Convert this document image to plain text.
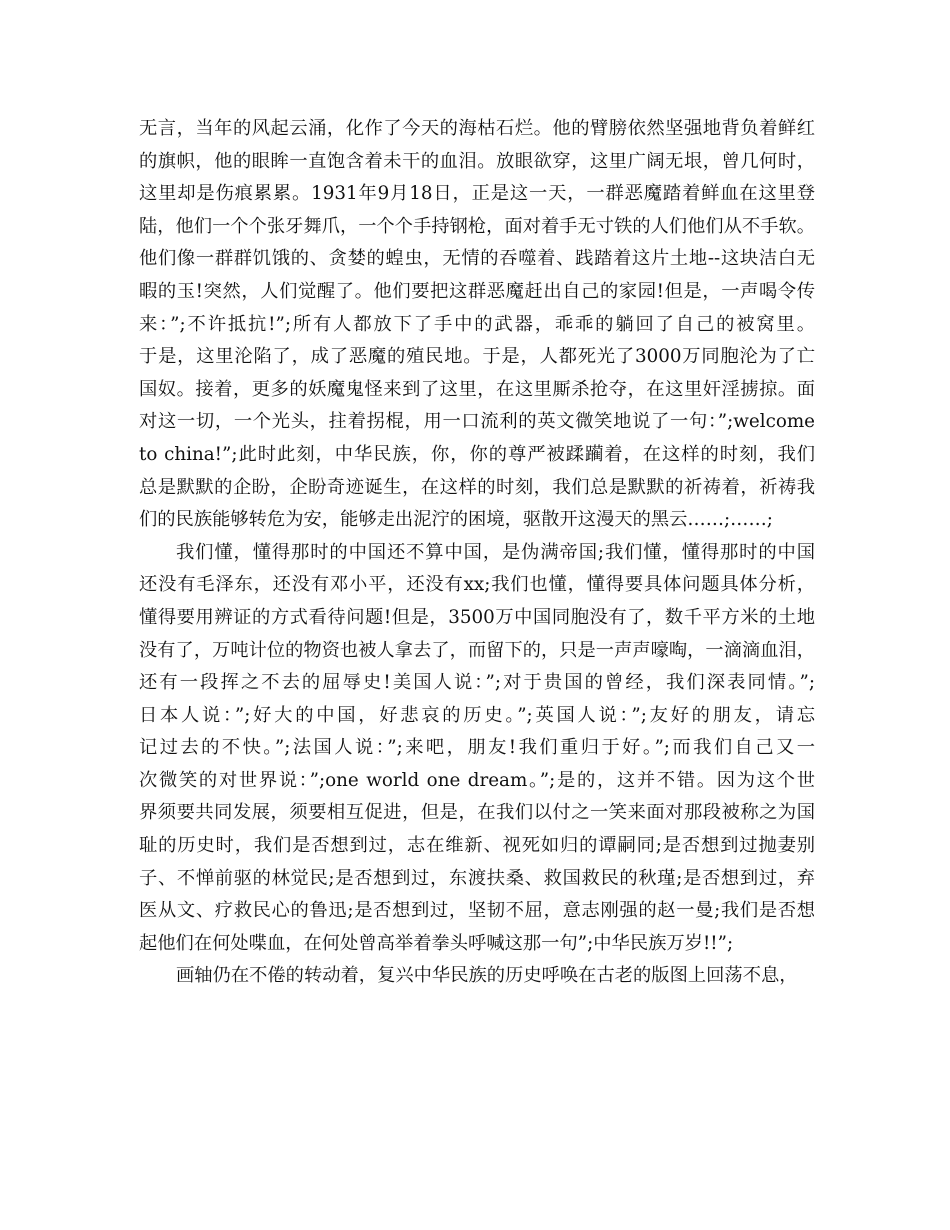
无言，当年的风起云涌，化作了今天的海枯石烂。他的臂膀依然坚强地背负着鲜红
的旗帜，他的眼眸一直饱含着未干的血泪。放眼欲穿，这里广阔无垠，曾几何时，
这里却是伤痕累累。1931年9月18日，正是这一天，一群恶魔踏着鲜血在这里登
陆，他们一个个张牙舞爪，一个个手持钢枪，面对着手无寸铁的人们他们从不手软。
他们像一群群饥饿的、贪婪的蝗虫，无情的吞噬着、践踏着这片土地--这块洁白无
暇的玉!突然，人们觉醒了。他们要把这群恶魔赶出自己的家园!但是，一声喝令传
来：”;不许抵抗!”;所有人都放下了手中的武器，乖乖的躺回了自己的被窝里。
于是，这里沦陷了，成了恶魔的殖民地。于是，人都死光了3000万同胞沦为了亡
国奴。接着，更多的妖魔鬼怪来到了这里，在这里厮杀抢夺，在这里奸淫掳掠。面
对这一切，一个光头，拄着拐棍，用一口流利的英文微笑地说了一句：”;welcome
to china!”;此时此刻，中华民族，你，你的尊严被蹂躏着，在这样的时刻，我们
总是默默的企盼，企盼奇迹诞生，在这样的时刻，我们总是默默的祈祷着，祈祷我
们的民族能够转危为安，能够走出泥泞的困境，驱散开这漫天的黑云……;……;
我们懂，懂得那时的中国还不算中国，是伪满帝国;我们懂，懂得那时的中国
还没有毛泽东，还没有邓小平，还没有xx;我们也懂，懂得要具体问题具体分析，
懂得要用辨证的方式看待问题!但是，3500万中国同胞没有了，数千平方米的土地
没有了，万吨计位的物资也被人拿去了，而留下的，只是一声声嚎啕，一滴滴血泪，
还有一段挥之不去的屈辱史!美国人说：”;对于贵国的曾经，我们深表同情。”;
日本人说：”;好大的中国，好悲哀的历史。”;英国人说：”;友好的朋友，请忘
记过去的不快。”;法国人说：”;来吧，朋友!我们重归于好。”;而我们自己又一
次微笑的对世界说：”;one world one dream。”;是的，这并不错。因为这个世
界须要共同发展，须要相互促进，但是，在我们以付之一笑来面对那段被称之为国
耻的历史时，我们是否想到过，志在维新、视死如归的谭嗣同;是否想到过抛妻别
子、不惮前驱的林觉民;是否想到过，东渡扶桑、救国救民的秋瑾;是否想到过，弃
医从文、疗救民心的鲁迅;是否想到过，坚韧不屈，意志刚强的赵一曼;我们是否想
起他们在何处喋血，在何处曾高举着拳头呼喊这那一句”;中华民族万岁!!”;
画轴仍在不倦的转动着，复兴中华民族的历史呼唤在古老的版图上回荡不息，
